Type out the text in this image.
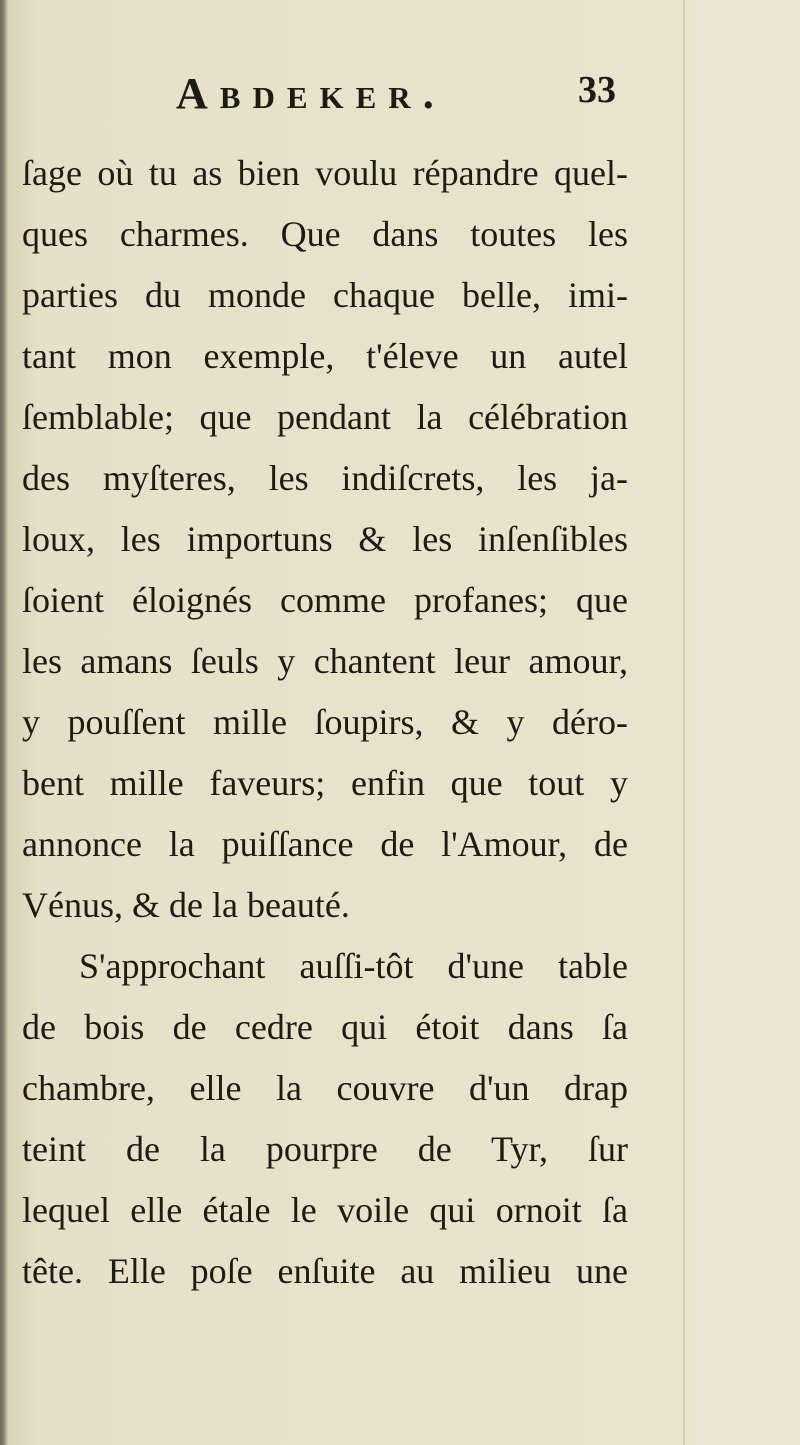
Abdeker.	33
ſage où tu as bien voulu répandre quel-
ques charmes. Que dans toutes les
parties du monde chaque belle, imi-
tant mon exemple, t'éleve un autel
ſemblable; que pendant la célébration
des myſteres, les indiſcrets, les ja-
loux, les importuns & les inſenſibles
ſoient éloignés comme profanes; que
les amans ſeuls y chantent leur amour,
y pouſſent mille ſoupirs, & y déro-
bent mille faveurs; enfin que tout y
annonce la puiſſance de l'Amour, de
Vénus, & de la beauté.
S'approchant auſſi-tôt d'une table
de bois de cedre qui étoit dans ſa
chambre, elle la couvre d'un drap
teint de la pourpre de Tyr, ſur
lequel elle étale le voile qui ornoit ſa
tête. Elle poſe enſuite au milieu une
